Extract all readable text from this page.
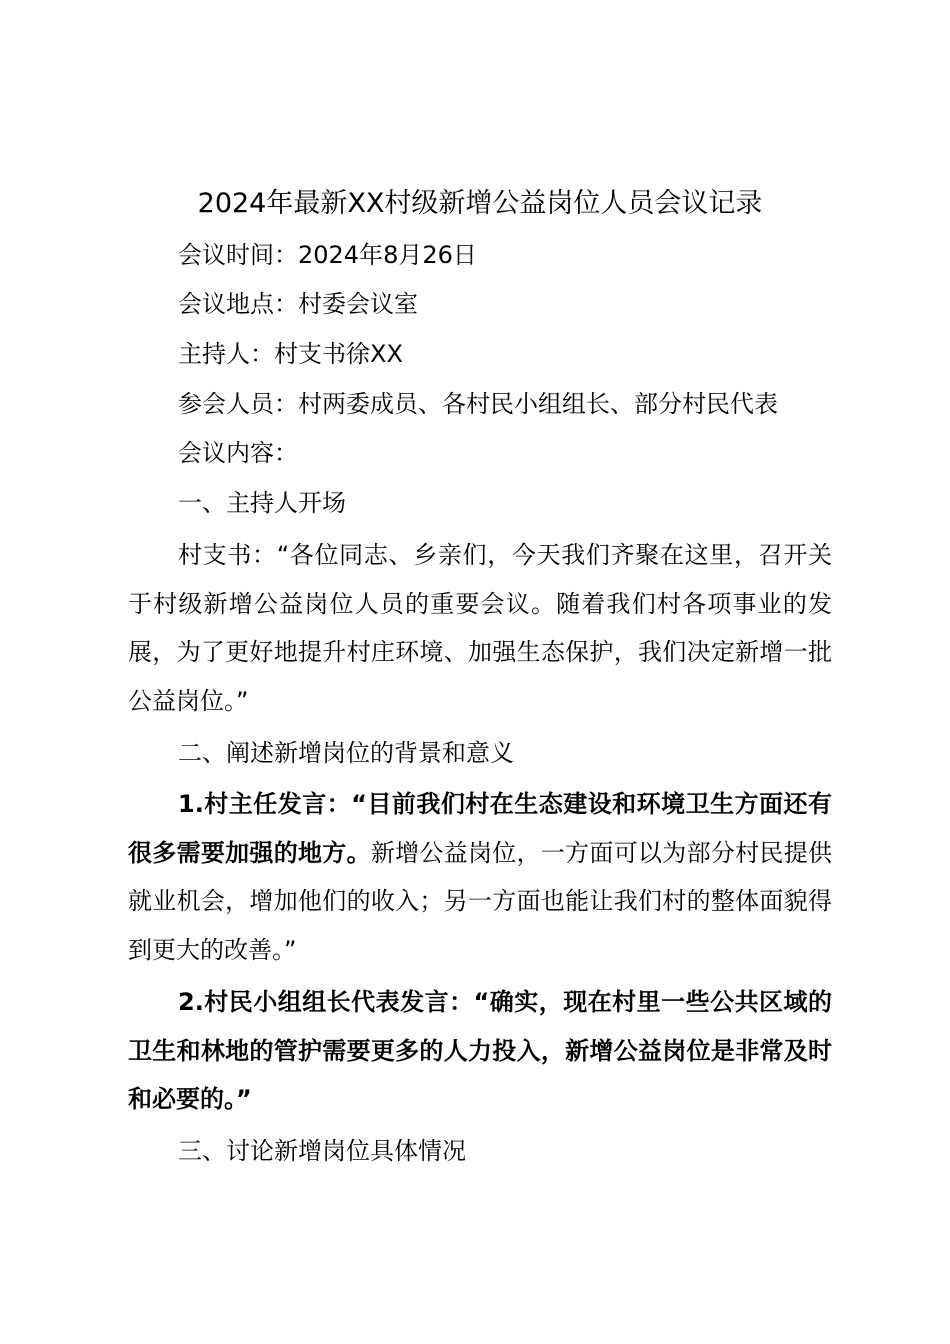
2024年最新XX村级新增公益岗位人员会议记录
会议时间：2024年8月26日
会议地点：村委会议室
主持人：村支书徐XX
参会人员：村两委成员、各村民小组组长、部分村民代表
会议内容：
一、主持人开场
村支书：“各位同志、乡亲们，今天我们齐聚在这里，召开关于村级新增公益岗位人员的重要会议。随着我们村各项事业的发展，为了更好地提升村庄环境、加强生态保护，我们决定新增一批公益岗位。”
二、阐述新增岗位的背景和意义
1.村主任发言：“目前我们村在生态建设和环境卫生方面还有很多需要加强的地方。新增公益岗位，一方面可以为部分村民提供就业机会，增加他们的收入；另一方面也能让我们村的整体面貌得到更大的改善。”
2.村民小组组长代表发言：“确实，现在村里一些公共区域的卫生和林地的管护需要更多的人力投入，新增公益岗位是非常及时和必要的。”
三、讨论新增岗位具体情况
